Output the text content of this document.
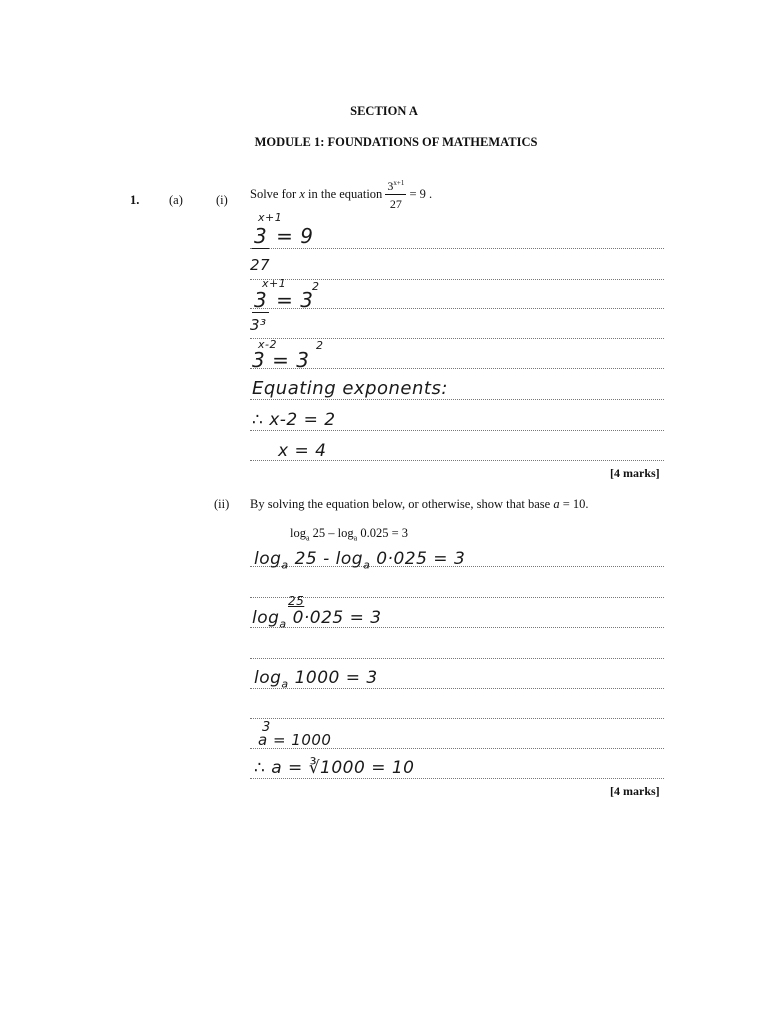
SECTION A
MODULE 1: FOUNDATIONS OF MATHEMATICS
1. (a)	(i) Solve for x in the equation $\frac{3^{x+1}}{27} = 9$ .
x+1
3 = 9
27
x+1 2
3 = 3
3³
x-2	2
3 = 3
Equating exponents:
∴ x-2 = 2
x = 4
[4 marks]
(ii) By solving the equation below, or otherwise, show that base a = 10.
$\log_a 25 - \log_a 0.025 = 3$
$\log_a 25 - \log_a 0\cdot 025 = 3$
25
$\log_a 0\cdot 025 = 3$
$\log_a 1000 = 3$
3
a = 1000
∴ a = ∛1000 = 10
[4 marks]
